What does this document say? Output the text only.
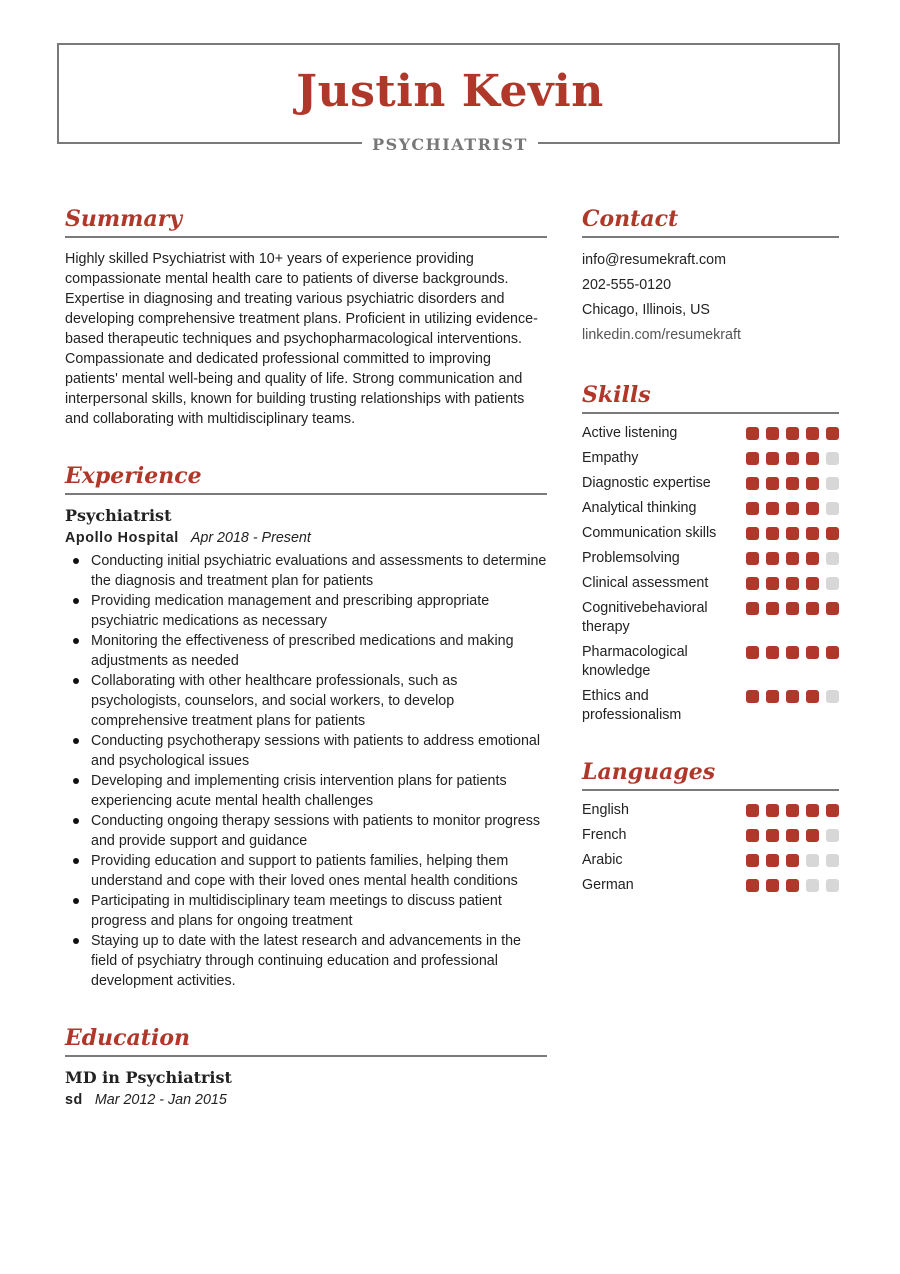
Justin Kevin
PSYCHIATRIST
Summary
Highly skilled Psychiatrist with 10+ years of experience providing compassionate mental health care to patients of diverse backgrounds. Expertise in diagnosing and treating various psychiatric disorders and developing comprehensive treatment plans. Proficient in utilizing evidence-based therapeutic techniques and psychopharmacological interventions. Compassionate and dedicated professional committed to improving patients' mental well-being and quality of life. Strong communication and interpersonal skills, known for building trusting relationships with patients and collaborating with multidisciplinary teams.
Experience
Psychiatrist
Apollo Hospital Apr 2018 - Present
Conducting initial psychiatric evaluations and assessments to determine the diagnosis and treatment plan for patients
Providing medication management and prescribing appropriate psychiatric medications as necessary
Monitoring the effectiveness of prescribed medications and making adjustments as needed
Collaborating with other healthcare professionals, such as psychologists, counselors, and social workers, to develop comprehensive treatment plans for patients
Conducting psychotherapy sessions with patients to address emotional and psychological issues
Developing and implementing crisis intervention plans for patients experiencing acute mental health challenges
Conducting ongoing therapy sessions with patients to monitor progress and provide support and guidance
Providing education and support to patients families, helping them understand and cope with their loved ones mental health conditions
Participating in multidisciplinary team meetings to discuss patient progress and plans for ongoing treatment
Staying up to date with the latest research and advancements in the field of psychiatry through continuing education and professional development activities.
Education
MD in Psychiatrist
sd Mar 2012 - Jan 2015
Contact
info@resumekraft.com
202-555-0120
Chicago, Illinois, US
linkedin.com/resumekraft
Skills
Active listening
Empathy
Diagnostic expertise
Analytical thinking
Communication skills
Problemsolving
Clinical assessment
Cognitivebehavioral therapy
Pharmacological knowledge
Ethics and professionalism
Languages
English
French
Arabic
German
